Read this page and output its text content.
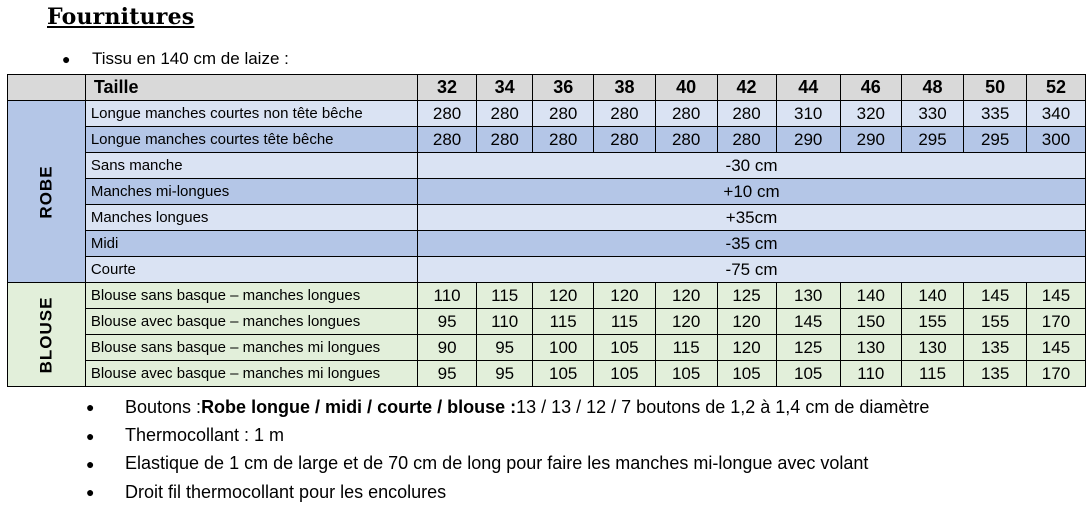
Fournitures

●	Tissu en 140 cm de laize :

	Taille	32	34	36	38	40	42	44	46	48	50	52
ROBE	Longue manches courtes non tête bêche	280	280	280	280	280	280	310	320	330	335	340
	Longue manches courtes tête bêche	280	280	280	280	280	280	290	290	295	295	300
	Sans manche	-30 cm										
	Manches mi-longues	+10 cm										
	Manches longues	+35cm										
	Midi	-35 cm										
	Courte	-75 cm										
BLOUSE	Blouse sans basque – manches longues	110	115	120	120	120	125	130	140	140	145	145
	Blouse avec basque – manches longues	95	110	115	115	120	120	145	150	155	155	170
	Blouse sans basque – manches mi longues	90	95	100	105	115	120	125	130	130	135	145
	Blouse avec basque – manches mi longues	95	95	105	105	105	105	105	110	115	135	170
●	Boutons : Robe longue / midi / courte / blouse : 13 / 13 / 12 / 7 boutons de 1,2 à 1,4 cm de diamètre
●	Thermocollant : 1 m
●	Elastique de 1 cm de large et de 70 cm de long pour faire les manches mi-longue avec volant
●	Droit fil thermocollant pour les encolures
